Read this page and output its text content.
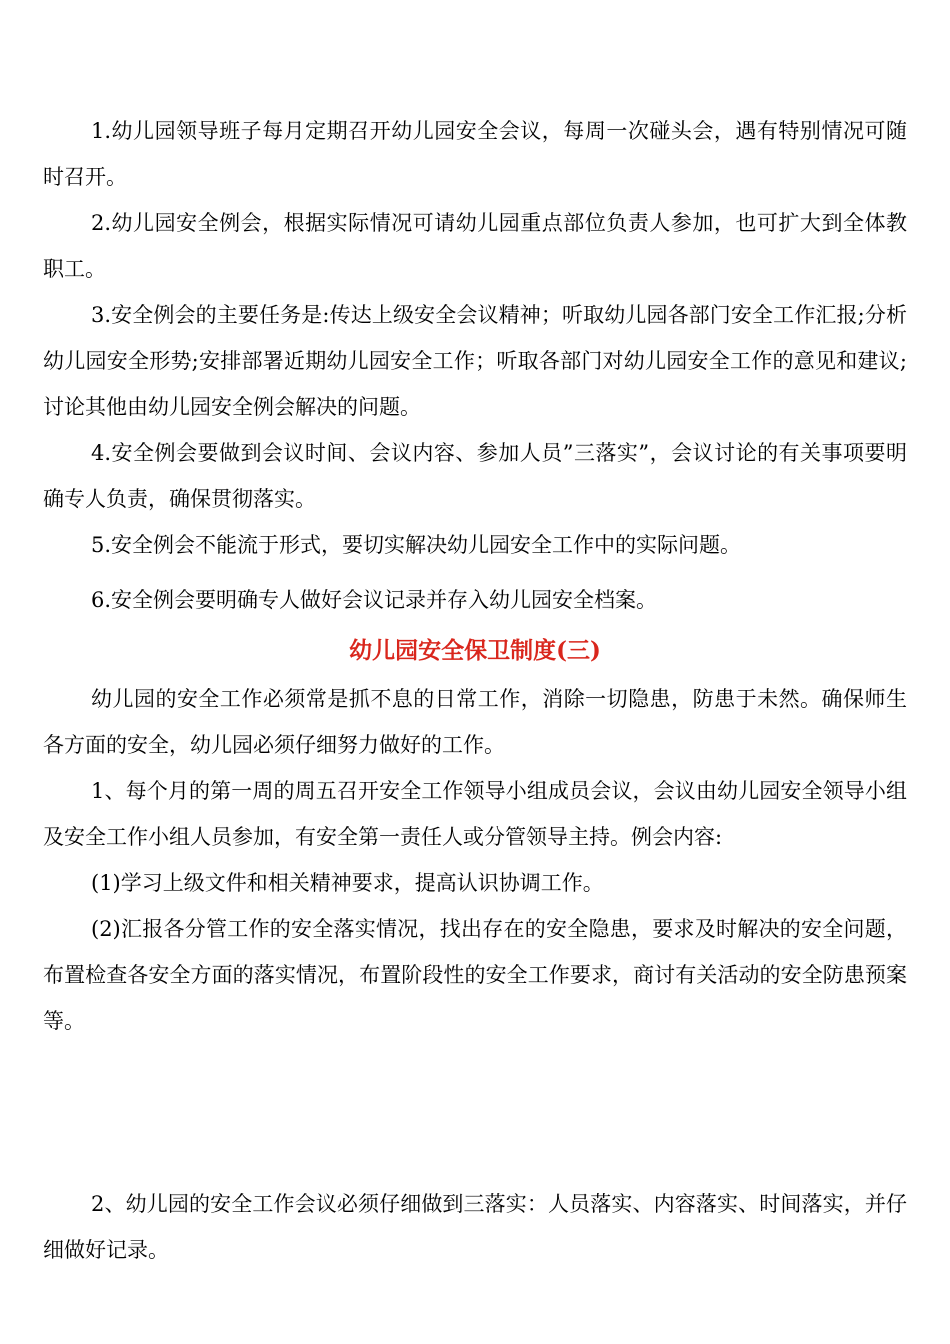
1.幼儿园领导班子每月定期召开幼儿园安全会议，每周一次碰头会，遇有特别情况可随时召开。

2.幼儿园安全例会，根据实际情况可请幼儿园重点部位负责人参加，也可扩大到全体教职工。

3.安全例会的主要任务是:传达上级安全会议精神；听取幼儿园各部门安全工作汇报;分析幼儿园安全形势;安排部署近期幼儿园安全工作；听取各部门对幼儿园安全工作的意见和建议;讨论其他由幼儿园安全例会解决的问题。

4.安全例会要做到会议时间、会议内容、参加人员”三落实”，会议讨论的有关事项要明确专人负责，确保贯彻落实。

5.安全例会不能流于形式，要切实解决幼儿园安全工作中的实际问题。

6.安全例会要明确专人做好会议记录并存入幼儿园安全档案。

幼儿园安全保卫制度(三)

幼儿园的安全工作必须常是抓不息的日常工作，消除一切隐患，防患于未然。确保师生各方面的安全，幼儿园必须仔细努力做好的工作。

1、每个月的第一周的周五召开安全工作领导小组成员会议，会议由幼儿园安全领导小组及安全工作小组人员参加，有安全第一责任人或分管领导主持。例会内容:

(1)学习上级文件和相关精神要求，提高认识协调工作。

(2)汇报各分管工作的安全落实情况，找出存在的安全隐患，要求及时解决的安全问题，布置检查各安全方面的落实情况，布置阶段性的安全工作要求，商讨有关活动的安全防患预案等。

2、幼儿园的安全工作会议必须仔细做到三落实：人员落实、内容落实、时间落实，并仔细做好记录。
